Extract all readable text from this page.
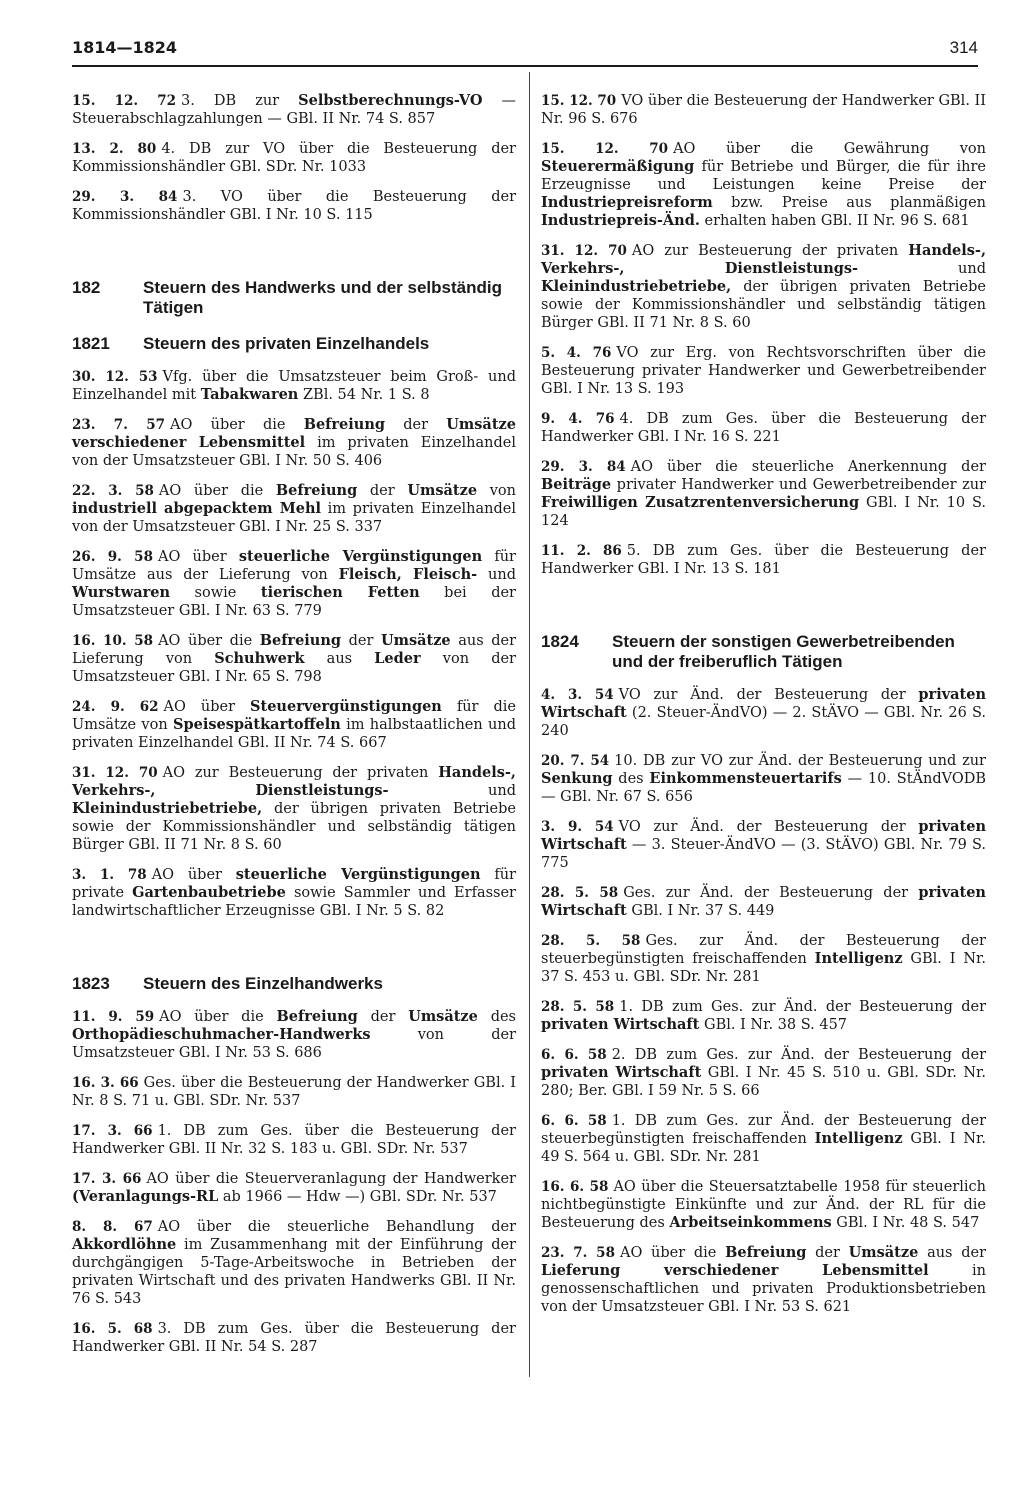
1814—1824	314
15. 12. 72 3. DB zur Selbstberechnungs-VO — Steuerabschlagzahlungen — GBl. II Nr. 74 S. 857
13. 2. 80 4. DB zur VO über die Besteuerung der Kommissionshändler GBl. SDr. Nr. 1033
29. 3. 84 3. VO über die Besteuerung der Kommissionshändler GBl. I Nr. 10 S. 115
182	Steuern des Handwerks und der selbständig Tätigen
1821	Steuern des privaten Einzelhandels
30. 12. 53 Vfg. über die Umsatzsteuer beim Groß- und Einzelhandel mit Tabakwaren ZBl. 54 Nr. 1 S. 8
23. 7. 57 AO über die Befreiung der Umsätze verschiedener Lebensmittel im privaten Einzelhandel von der Umsatzsteuer GBl. I Nr. 50 S. 406
22. 3. 58 AO über die Befreiung der Umsätze von industriell abgepacktem Mehl im privaten Einzelhandel von der Umsatzsteuer GBl. I Nr. 25 S. 337
26. 9. 58 AO über steuerliche Vergünstigungen für Umsätze aus der Lieferung von Fleisch, Fleisch- und Wurstwaren sowie tierischen Fetten bei der Umsatzsteuer GBl. I Nr. 63 S. 779
16. 10. 58 AO über die Befreiung der Umsätze aus der Lieferung von Schuhwerk aus Leder von der Umsatzsteuer GBl. I Nr. 65 S. 798
24. 9. 62 AO über Steuervergünstigungen für die Umsätze von Speisespätkartoffeln im halbstaatlichen und privaten Einzelhandel GBl. II Nr. 74 S. 667
31. 12. 70 AO zur Besteuerung der privaten Handels-, Verkehrs-, Dienstleistungs- und Kleinindustriebetriebe, der übrigen privaten Betriebe sowie der Kommissionshändler und selbständig tätigen Bürger GBl. II 71 Nr. 8 S. 60
3. 1. 78 AO über steuerliche Vergünstigungen für private Gartenbaubetriebe sowie Sammler und Erfasser landwirtschaftlicher Erzeugnisse GBl. I Nr. 5 S. 82
1823	Steuern des Einzelhandwerks
11. 9. 59 AO über die Befreiung der Umsätze des Orthopädieschuhmacher-Handwerks von der Umsatzsteuer GBl. I Nr. 53 S. 686
16. 3. 66 Ges. über die Besteuerung der Handwerker GBl. I Nr. 8 S. 71 u. GBl. SDr. Nr. 537
17. 3. 66 1. DB zum Ges. über die Besteuerung der Handwerker GBl. II Nr. 32 S. 183 u. GBl. SDr. Nr. 537
17. 3. 66 AO über die Steuerveranlagung der Handwerker (Veranlagungs-RL ab 1966 — Hdw —) GBl. SDr. Nr. 537
8. 8. 67 AO über die steuerliche Behandlung der Akkordlöhne im Zusammenhang mit der Einführung der durchgängigen 5-Tage-Arbeitswoche in Betrieben der privaten Wirtschaft und des privaten Handwerks GBl. II Nr. 76 S. 543
16. 5. 68 3. DB zum Ges. über die Besteuerung der Handwerker GBl. II Nr. 54 S. 287
15. 12. 70 VO über die Besteuerung der Handwerker GBl. II Nr. 96 S. 676
15. 12. 70 AO über die Gewährung von Steuerermäßigung für Betriebe und Bürger, die für ihre Erzeugnisse und Leistungen keine Preise der Industriepreisreform bzw. Preise aus planmäßigen Industriepreis-Änd. erhalten haben GBl. II Nr. 96 S. 681
31. 12. 70 AO zur Besteuerung der privaten Handels-, Verkehrs-, Dienstleistungs- und Kleinindustriebetriebe, der übrigen privaten Betriebe sowie der Kommissionshändler und selbständig tätigen Bürger GBl. II 71 Nr. 8 S. 60
5. 4. 76 VO zur Erg. von Rechtsvorschriften über die Besteuerung privater Handwerker und Gewerbetreibender GBl. I Nr. 13 S. 193
9. 4. 76 4. DB zum Ges. über die Besteuerung der Handwerker GBl. I Nr. 16 S. 221
29. 3. 84 AO über die steuerliche Anerkennung der Beiträge privater Handwerker und Gewerbetreibender zur Freiwilligen Zusatzrentenversicherung GBl. I Nr. 10 S. 124
11. 2. 86 5. DB zum Ges. über die Besteuerung der Handwerker GBl. I Nr. 13 S. 181
1824	Steuern der sonstigen Gewerbetreibenden und der freiberuflich Tätigen
4. 3. 54 VO zur Änd. der Besteuerung der privaten Wirtschaft (2. Steuer-ÄndVO) — 2. StÄVO — GBl. Nr. 26 S. 240
20. 7. 54 10. DB zur VO zur Änd. der Besteuerung und zur Senkung des Einkommensteuertarifs — 10. StÄndVODB — GBl. Nr. 67 S. 656
3. 9. 54 VO zur Änd. der Besteuerung der privaten Wirtschaft — 3. Steuer-ÄndVO — (3. StÄVO) GBl. Nr. 79 S. 775
28. 5. 58 Ges. zur Änd. der Besteuerung der privaten Wirtschaft GBl. I Nr. 37 S. 449
28. 5. 58 Ges. zur Änd. der Besteuerung der steuerbegünstigten freischaffenden Intelligenz GBl. I Nr. 37 S. 453 u. GBl. SDr. Nr. 281
28. 5. 58 1. DB zum Ges. zur Änd. der Besteuerung der privaten Wirtschaft GBl. I Nr. 38 S. 457
6. 6. 58 2. DB zum Ges. zur Änd. der Besteuerung der privaten Wirtschaft GBl. I Nr. 45 S. 510 u. GBl. SDr. Nr. 280; Ber. GBl. I 59 Nr. 5 S. 66
6. 6. 58 1. DB zum Ges. zur Änd. der Besteuerung der steuerbegünstigten freischaffenden Intelligenz GBl. I Nr. 49 S. 564 u. GBl. SDr. Nr. 281
16. 6. 58 AO über die Steuersatztabelle 1958 für steuerlich nichtbegünstigte Einkünfte und zur Änd. der RL für die Besteuerung des Arbeitseinkommens GBl. I Nr. 48 S. 547
23. 7. 58 AO über die Befreiung der Umsätze aus der Lieferung verschiedener Lebensmittel in genossenschaftlichen und privaten Produktionsbetrieben von der Umsatzsteuer GBl. I Nr. 53 S. 621
